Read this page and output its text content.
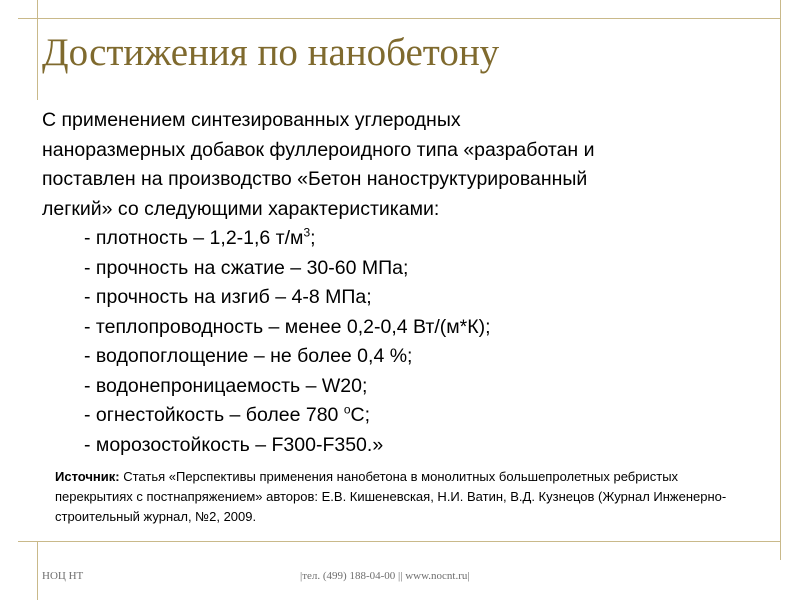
Достижения по нанобетону
С применением синтезированных углеродных
наноразмерных добавок фуллероидного типа «разработан и
поставлен на производство «Бетон наноструктурированный
легкий» со следующими характеристиками:
- плотность – 1,2-1,6 $т/м^3$;
- прочность на сжатие – 30-60 МПа;
- прочность на изгиб – 4-8 МПа;
- теплопроводность – менее 0,2-0,4 Вт/(м*К);
- водопоглощение – не более 0,4 %;
- водонепроницаемость – W20;
- огнестойкость – более 780 $^o$С;
- морозостойкость – F300-F350.»
Источник: Статья «Перспективы применения нанобетона в монолитных большепролетных ребристых перекрытиях с постнапряжением» авторов: Е.В. Кишеневская, Н.И. Ватин, В.Д. Кузнецов (Журнал Инженерно-строительный журнал, №2, 2009.
НОЦ НТ	|тел. (499) 188-04-00 || www.nocnt.ru|
